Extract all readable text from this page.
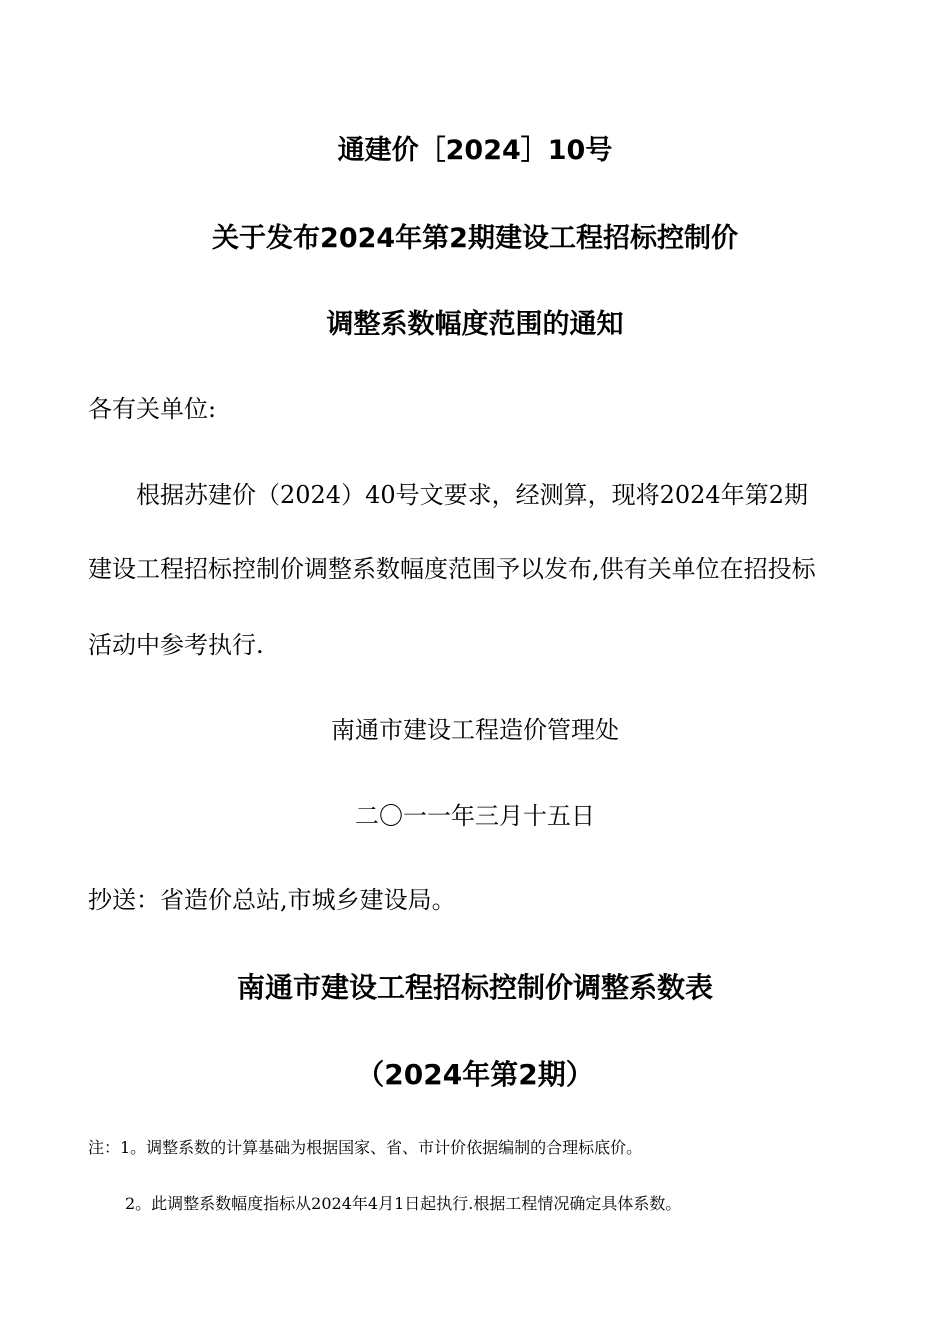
通建价［2024］10号
关于发布2024年第2期建设工程招标控制价
调整系数幅度范围的通知
各有关单位:
根据苏建价（2024）40号文要求，经测算，现将2024年第2期
建设工程招标控制价调整系数幅度范围予以发布,供有关单位在招投标
活动中参考执行.
南通市建设工程造价管理处
二〇一一年三月十五日
抄送：省造价总站,市城乡建设局。
南通市建设工程招标控制价调整系数表
（2024年第2期）
注：1。调整系数的计算基础为根据国家、省、市计价依据编制的合理标底价。
2。此调整系数幅度指标从2024年4月1日起执行.根据工程情况确定具体系数。
